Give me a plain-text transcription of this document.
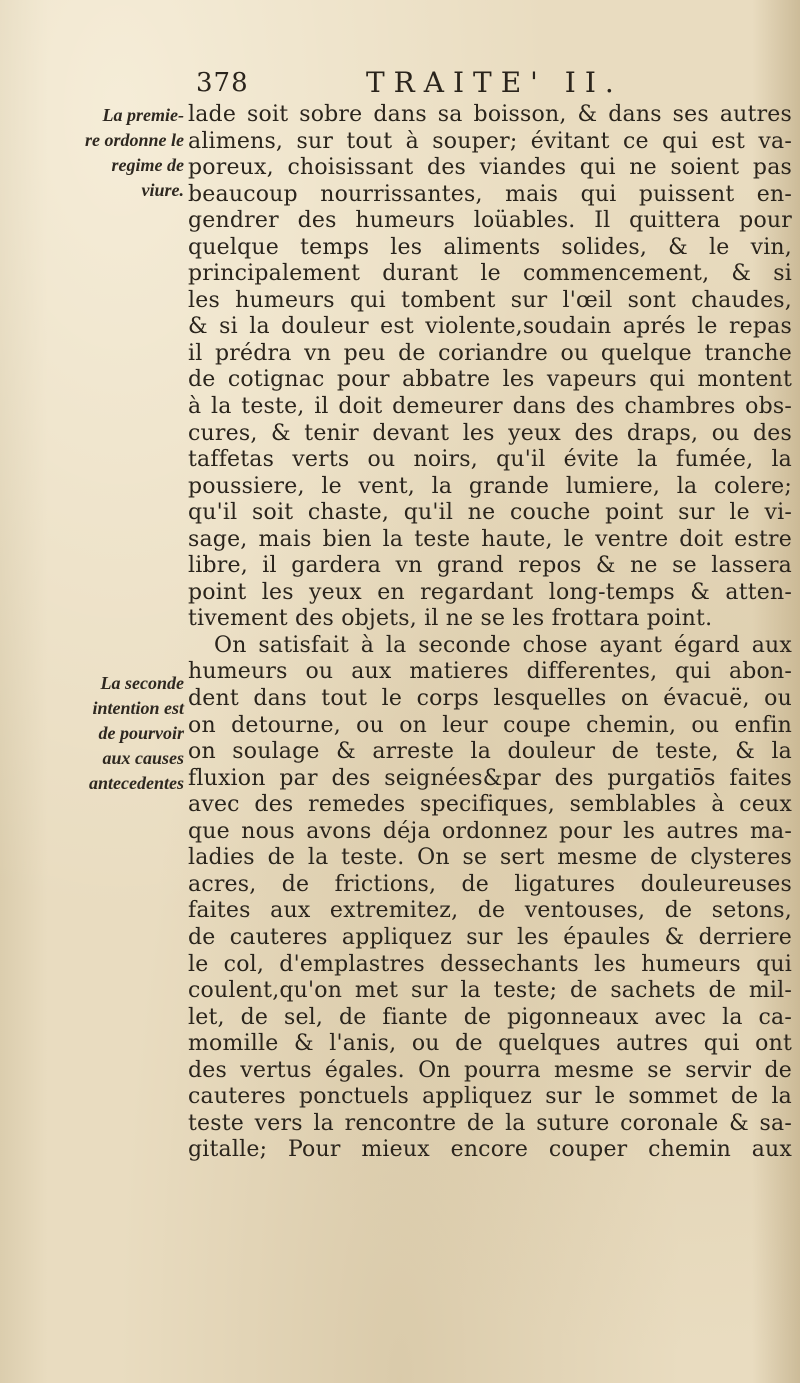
378	TRAITE' II.
La premie-
re ordonne le
regime de
viure.
La seconde
intention est
de pourvoir
aux causes
antecedentes
lade soit sobre dans sa boisson, & dans ses autres
alimens, sur tout à souper; évitant ce qui est va-
poreux, choisissant des viandes qui ne soient pas
beaucoup nourrissantes, mais qui puissent en-
gendrer des humeurs loüables. Il quittera pour
quelque temps les aliments solides, & le vin,
principalement durant le commencement, & si
les humeurs qui tombent sur l'œil sont chaudes,
& si la douleur est violente,soudain aprés le repas
il prédra vn peu de coriandre ou quelque tranche
de cotignac pour abbatre les vapeurs qui montent
à la teste, il doit demeurer dans des chambres obs-
cures, & tenir devant les yeux des draps, ou des
taffetas verts ou noirs, qu'il évite la fumée, la
poussiere, le vent, la grande lumiere, la colere;
qu'il soit chaste, qu'il ne couche point sur le vi-
sage, mais bien la teste haute, le ventre doit estre
libre, il gardera vn grand repos & ne se lassera
point les yeux en regardant long-temps & atten-
tivement des objets, il ne se les frottara point.
On satisfait à la seconde chose ayant égard aux
humeurs ou aux matieres differentes, qui abon-
dent dans tout le corps lesquelles on évacuë, ou
on detourne, ou on leur coupe chemin, ou enfin
on soulage & arreste la douleur de teste, & la
fluxion par des seignées&par des purgatiōs faites
avec des remedes specifiques, semblables à ceux
que nous avons déja ordonnez pour les autres ma-
ladies de la teste. On se sert mesme de clysteres
acres, de frictions, de ligatures douleureuses
faites aux extremitez, de ventouses, de setons,
de cauteres appliquez sur les épaules & derriere
le col, d'emplastres dessechants les humeurs qui
coulent,qu'on met sur la teste; de sachets de mil-
let, de sel, de fiante de pigonneaux avec la ca-
momille & l'anis, ou de quelques autres qui ont
des vertus égales. On pourra mesme se servir de
cauteres ponctuels appliquez sur le sommet de la
teste vers la rencontre de la suture coronale & sa-
gitalle; Pour mieux encore couper chemin aux
